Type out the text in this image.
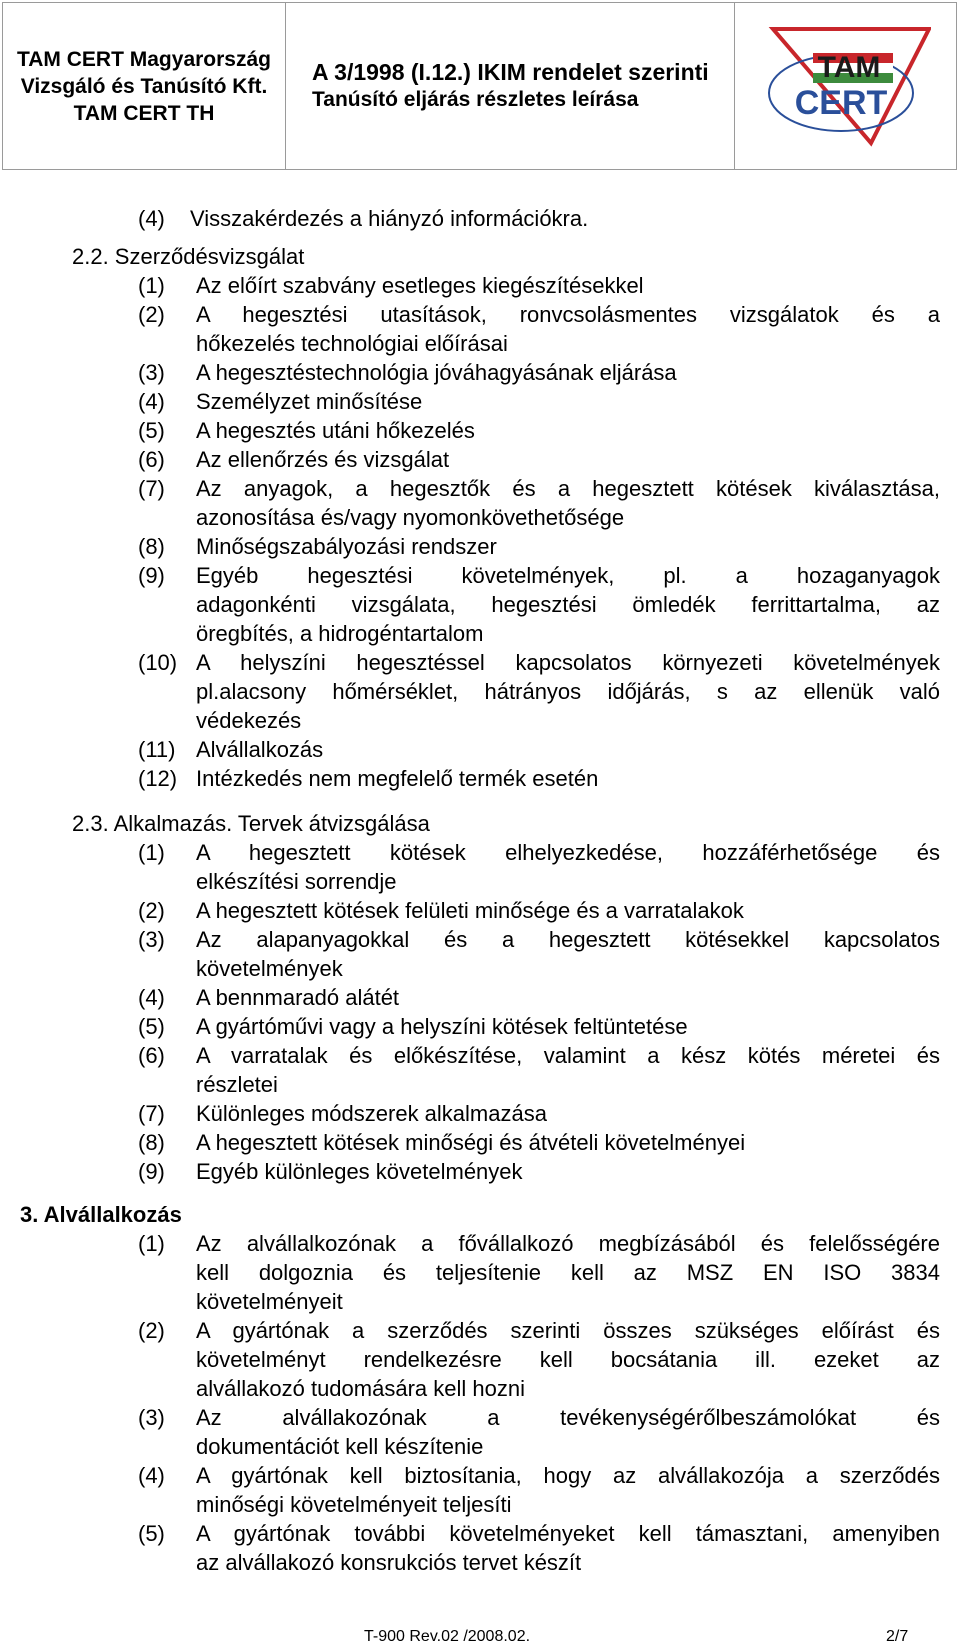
TAM CERT Magyarország
Vizsgáló és Tanúsító Kft.
TAM CERT TH
A 3/1998 (I.12.) IKIM rendelet szerinti
Tanúsító eljárás részletes leírása
TAM
CERT
(4) Visszakérdezés a hiányzó információkra.
2.2. Szerződésvizsgálat
(1) Az előírt szabvány esetleges kiegészítésekkel
(2) A hegesztési utasítások, ronvcsolásmentes vizsgálatok és a
hőkezelés technológiai előírásai
(3) A hegesztéstechnológia jóváhagyásának eljárása
(4) Személyzet minősítése
(5) A hegesztés utáni hőkezelés
(6) Az ellenőrzés és vizsgálat
(7) Az anyagok, a hegesztők és a hegesztett kötések kiválasztása,
azonosítása és/vagy nyomonkövethetősége
(8) Minőségszabályozási rendszer
(9) Egyéb hegesztési követelmények, pl. a hozaganyagok
adagonkénti vizsgálata, hegesztési ömledék ferrittartalma, az
öregbítés, a hidrogéntartalom
(10) A helyszíni hegesztéssel kapcsolatos környezeti követelmények
pl.alacsony hőmérséklet, hátrányos időjárás, s az ellenük való
védekezés
(11) Alvállalkozás
(12) Intézkedés nem megfelelő termék esetén
2.3. Alkalmazás. Tervek átvizsgálása
(1) A hegesztett kötések elhelyezkedése, hozzáférhetősége és
elkészítési sorrendje
(2) A hegesztett kötések felületi minősége és a varratalakok
(3) Az alapanyagokkal és a hegesztett kötésekkel kapcsolatos
követelmények
(4) A bennmaradó alátét
(5) A gyártóművi vagy a helyszíni kötések feltüntetése
(6) A varratalak és előkészítése, valamint a kész kötés méretei és
részletei
(7) Különleges módszerek alkalmazása
(8) A hegesztett kötések minőségi és átvételi követelményei
(9) Egyéb különleges követelmények
3. Alvállalkozás
(1) Az alvállalkozónak a fővállalkozó megbízásából és felelősségére
kell dolgoznia és teljesítenie kell az MSZ EN ISO 3834
követelményeit
(2) A gyártónak a szerződés szerinti összes szükséges előírást és
követelményt rendelkezésre kell bocsátania ill. ezeket az
alvállakozó tudomására kell hozni
(3) Az alvállakozónak a tevékenységérőlbeszámolókat és
dokumentációt kell készítenie
(4) A gyártónak kell biztosítania, hogy az alvállakozója a szerződés
minőségi követelményeit teljesíti
(5) A gyártónak további követelményeket kell támasztani, amenyiben
az alvállakozó konsrukciós tervet készít
T-900 Rev.02 /2008.02.	2/7
